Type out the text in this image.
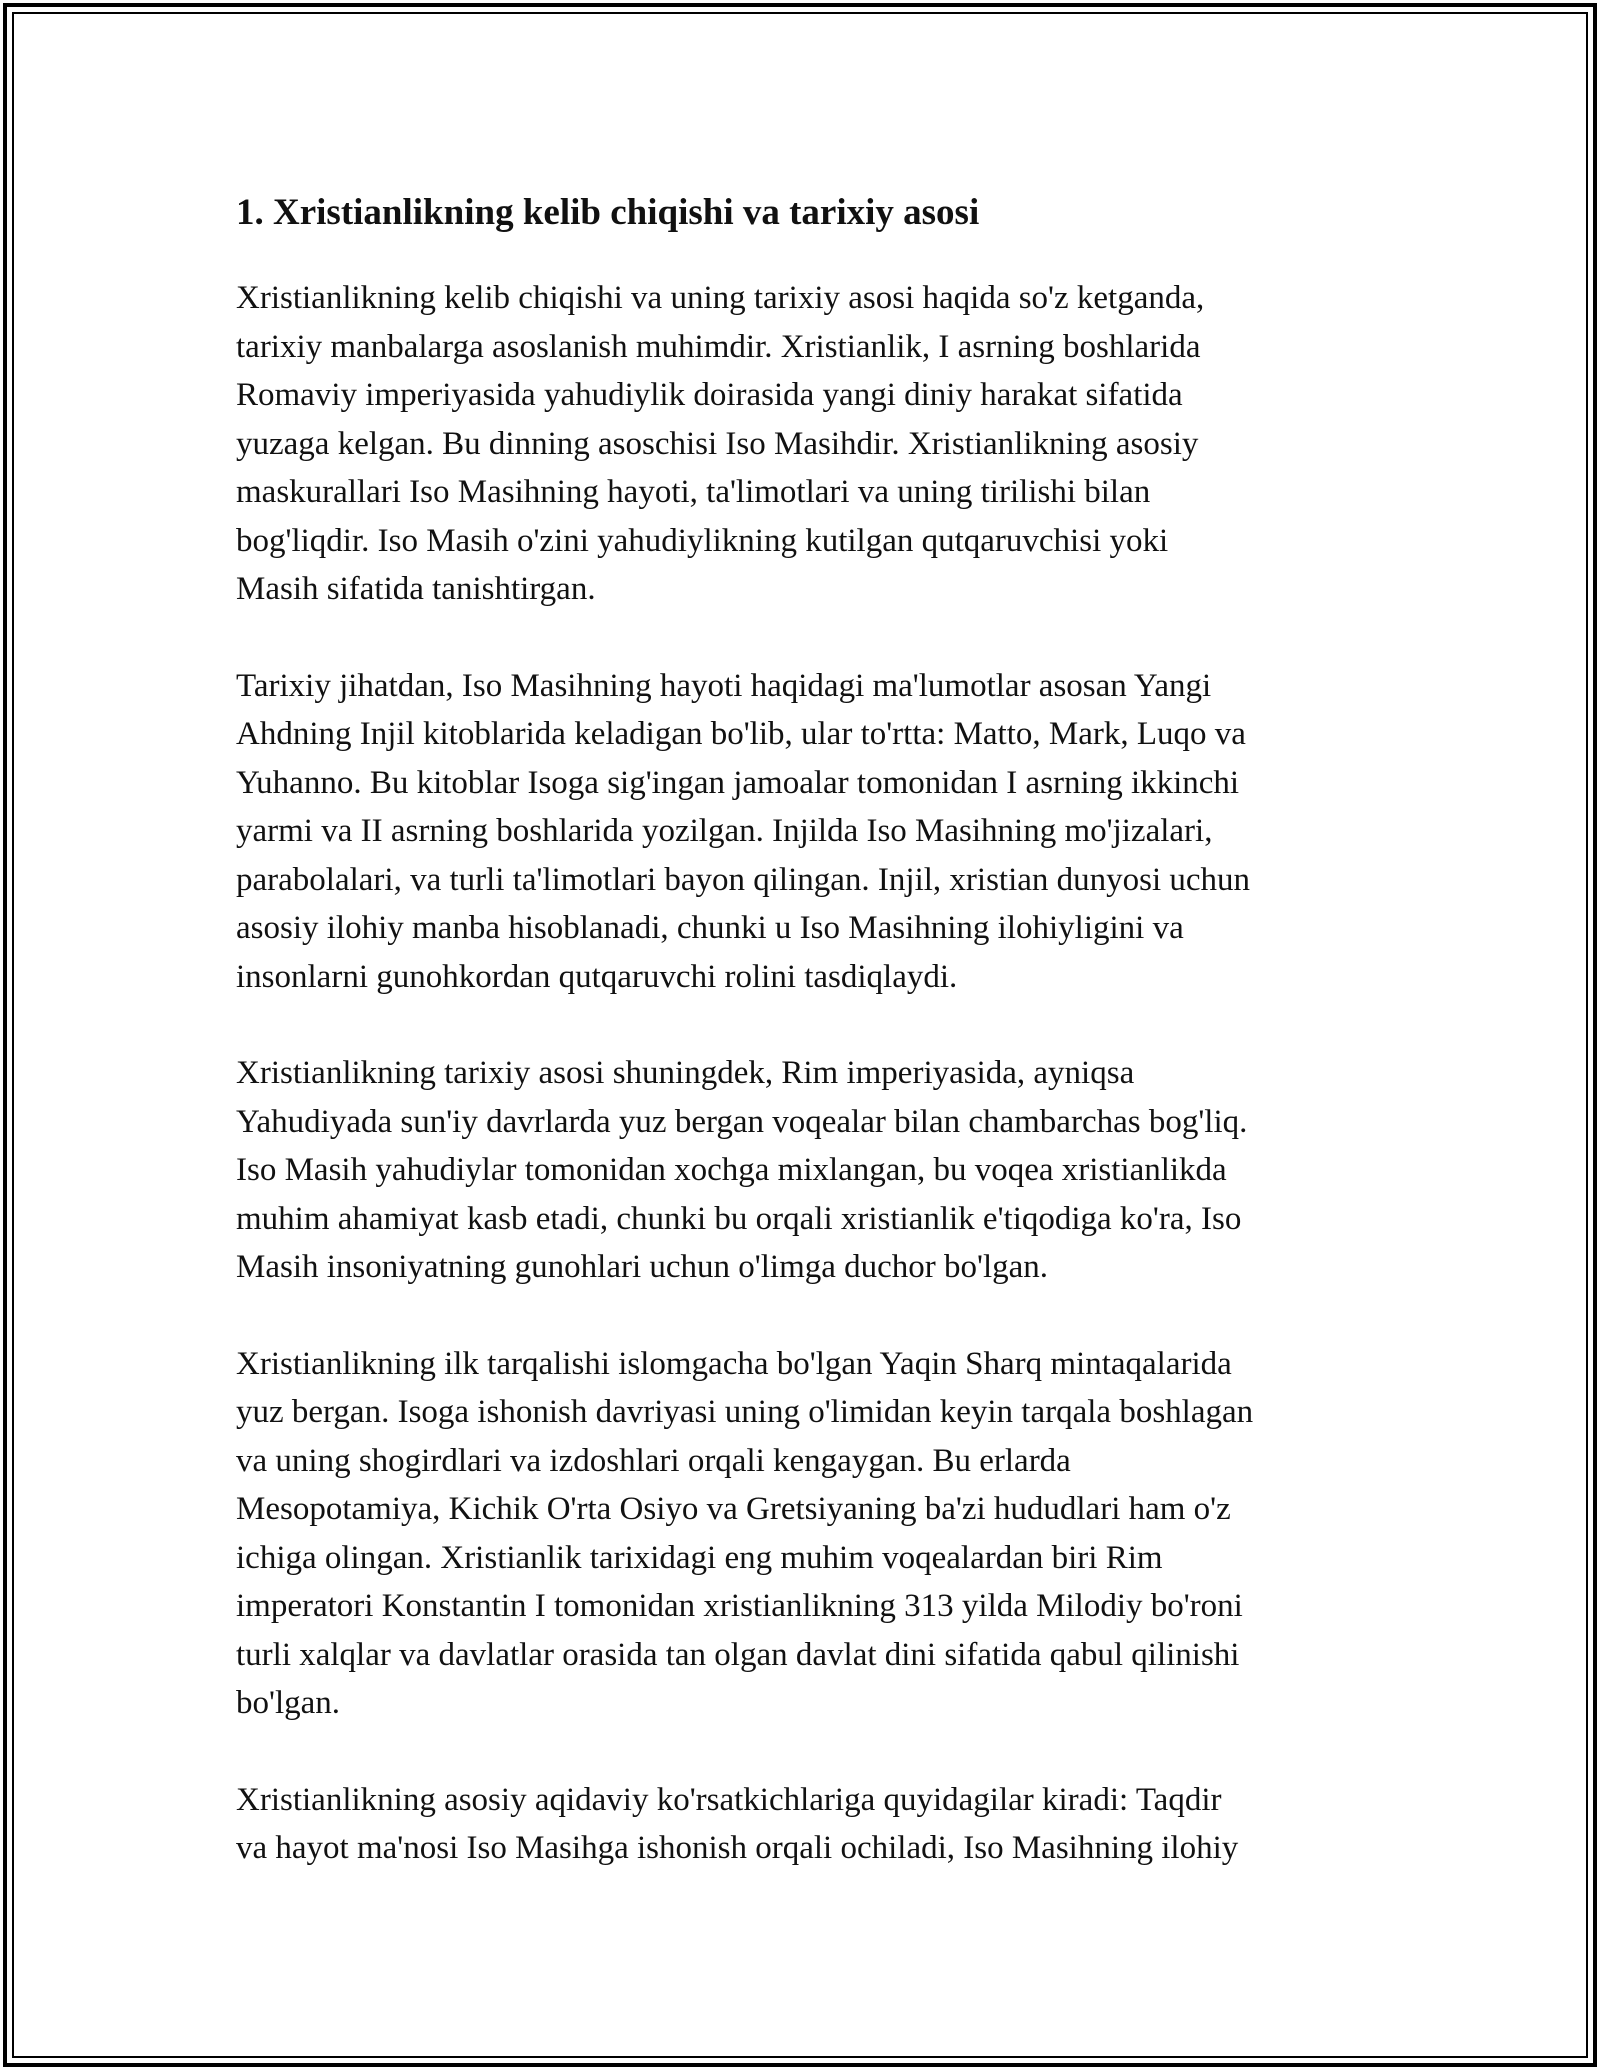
1. Xristianlikning kelib chiqishi va tarixiy asosi
Xristianlikning kelib chiqishi va uning tarixiy asosi haqida so'z ketganda,
tarixiy manbalarga asoslanish muhimdir. Xristianlik, I asrning boshlarida
Romaviy imperiyasida yahudiylik doirasida yangi diniy harakat sifatida
yuzaga kelgan. Bu dinning asoschisi Iso Masihdir. Xristianlikning asosiy
maskurallari Iso Masihning hayoti, ta'limotlari va uning tirilishi bilan
bog'liqdir. Iso Masih o'zini yahudiylikning kutilgan qutqaruvchisi yoki
Masih sifatida tanishtirgan.
Tarixiy jihatdan, Iso Masihning hayoti haqidagi ma'lumotlar asosan Yangi
Ahdning Injil kitoblarida keladigan bo'lib, ular to'rtta: Matto, Mark, Luqo va
Yuhanno. Bu kitoblar Isoga sig'ingan jamoalar tomonidan I asrning ikkinchi
yarmi va II asrning boshlarida yozilgan. Injilda Iso Masihning mo'jizalari,
parabolalari, va turli ta'limotlari bayon qilingan. Injil, xristian dunyosi uchun
asosiy ilohiy manba hisoblanadi, chunki u Iso Masihning ilohiyligini va
insonlarni gunohkordan qutqaruvchi rolini tasdiqlaydi.
Xristianlikning tarixiy asosi shuningdek, Rim imperiyasida, ayniqsa
Yahudiyada sun'iy davrlarda yuz bergan voqealar bilan chambarchas bog'liq.
Iso Masih yahudiylar tomonidan xochga mixlangan, bu voqea xristianlikda
muhim ahamiyat kasb etadi, chunki bu orqali xristianlik e'tiqodiga ko'ra, Iso
Masih insoniyatning gunohlari uchun o'limga duchor bo'lgan.
Xristianlikning ilk tarqalishi islomgacha bo'lgan Yaqin Sharq mintaqalarida
yuz bergan. Isoga ishonish davriyasi uning o'limidan keyin tarqala boshlagan
va uning shogirdlari va izdoshlari orqali kengaygan. Bu erlarda
Mesopotamiya, Kichik O'rta Osiyo va Gretsiyaning ba'zi hududlari ham o'z
ichiga olingan. Xristianlik tarixidagi eng muhim voqealardan biri Rim
imperatori Konstantin I tomonidan xristianlikning 313 yilda Milodiy bo'roni
turli xalqlar va davlatlar orasida tan olgan davlat dini sifatida qabul qilinishi
bo'lgan.
Xristianlikning asosiy aqidaviy ko'rsatkichlariga quyidagilar kiradi: Taqdir
va hayot ma'nosi Iso Masihga ishonish orqali ochiladi, Iso Masihning ilohiy
